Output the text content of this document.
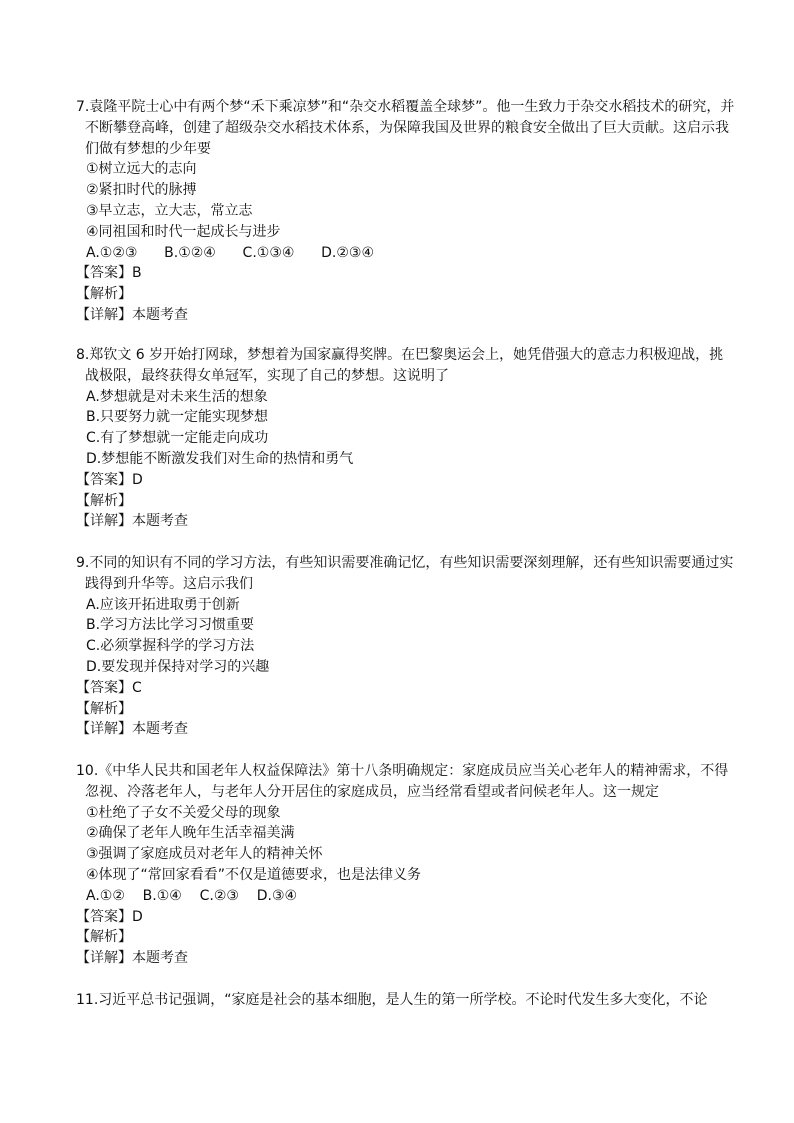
7.袁隆平院士心中有两个梦“禾下乘凉梦”和“杂交水稻覆盖全球梦”。他一生致力于杂交水稻技术的研究，并不断攀登高峰，创建了超级杂交水稻技术体系，为保障我国及世界的粮食安全做出了巨大贡献。这启示我们做有梦想的少年要

①树立远大的志向

②紧扣时代的脉搏

③早立志，立大志，常立志

④同祖国和时代一起成长与进步

A.①②③      B.①②④      C.①③④      D.②③④

【答案】B

【解析】

【详解】本题考查

8.郑钦文 6 岁开始打网球，梦想着为国家赢得奖牌。在巴黎奥运会上，她凭借强大的意志力积极迎战，挑战极限，最终获得女单冠军，实现了自己的梦想。这说明了

A.梦想就是对未来生活的想象

B.只要努力就一定能实现梦想

C.有了梦想就一定能走向成功

D.梦想能不断激发我们对生命的热情和勇气

【答案】D

【解析】

【详解】本题考查

9.不同的知识有不同的学习方法，有些知识需要准确记忆，有些知识需要深刻理解，还有些知识需要通过实践得到升华等。这启示我们

A.应该开拓进取勇于创新

B.学习方法比学习习惯重要

C.必须掌握科学的学习方法

D.要发现并保持对学习的兴趣

【答案】C

【解析】

【详解】本题考查

10.《中华人民共和国老年人权益保障法》第十八条明确规定：家庭成员应当关心老年人的精神需求，不得忽视、冷落老年人，与老年人分开居住的家庭成员，应当经常看望或者问候老年人。这一规定

①杜绝了子女不关爱父母的现象

②确保了老年人晚年生活幸福美满

③强调了家庭成员对老年人的精神关怀

④体现了“常回家看看”不仅是道德要求，也是法律义务

A.①②    B.①④    C.②③    D.③④

【答案】D

【解析】

【详解】本题考查

11.习近平总书记强调，“家庭是社会的基本细胞，是人生的第一所学校。不论时代发生多大变化，不论
